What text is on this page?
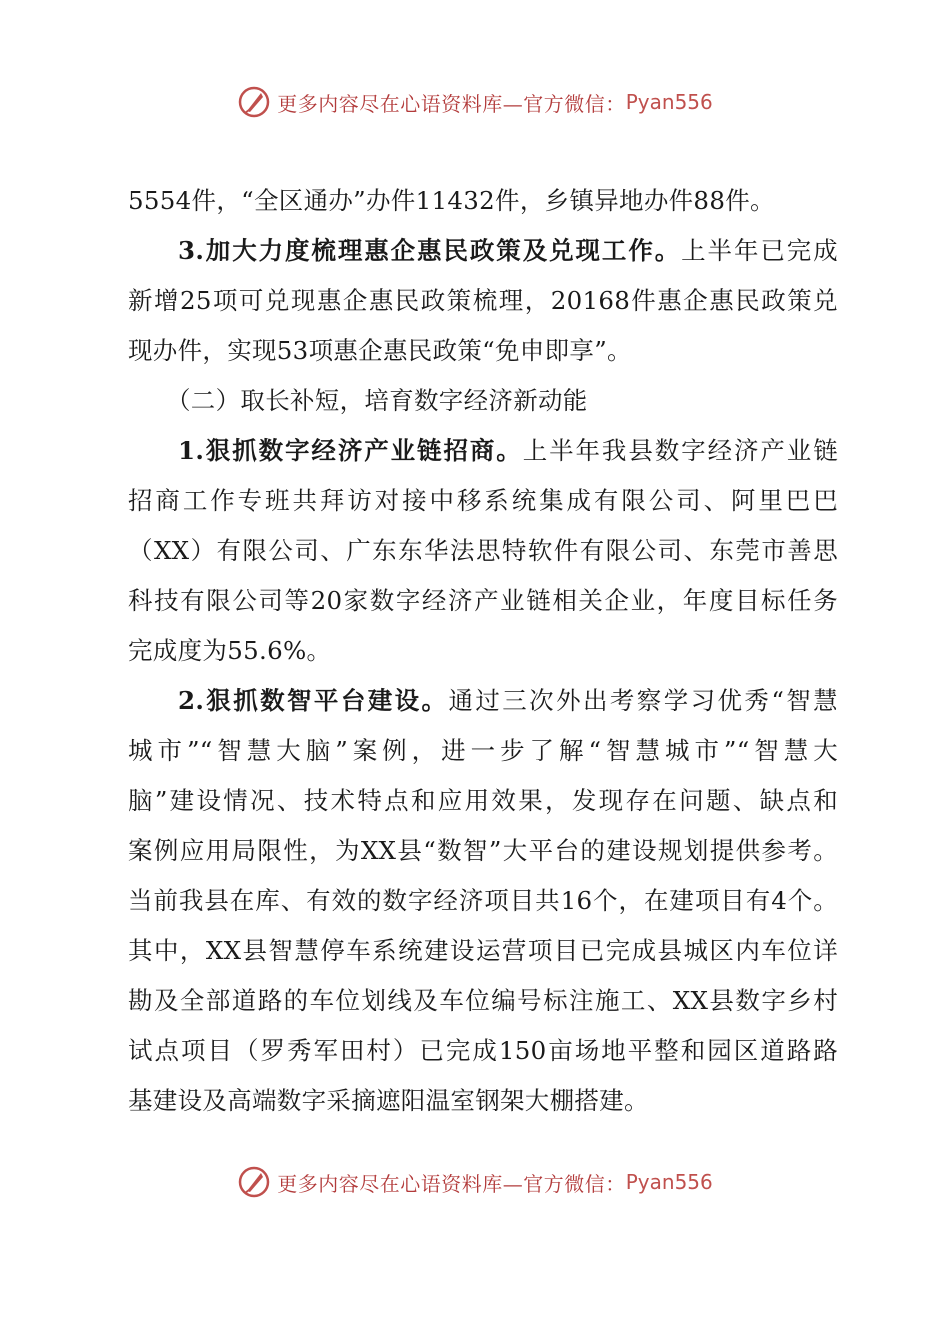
更多内容尽在心语资料库—官方微信： Pyan556
5554件，“全区通办”办件11432件，乡镇异地办件88件。
3.加大力度梳理惠企惠民政策及兑现工作。上半年已完成
新增25项可兑现惠企惠民政策梳理，20168件惠企惠民政策兑
现办件，实现53项惠企惠民政策“免申即享”。
（二）取长补短，培育数字经济新动能
1.狠抓数字经济产业链招商。上半年我县数字经济产业链
招商工作专班共拜访对接中移系统集成有限公司、阿里巴巴
（XX）有限公司、广东东华法思特软件有限公司、东莞市善思
科技有限公司等20家数字经济产业链相关企业，年度目标任务
完成度为55.6%。
2.狠抓数智平台建设。通过三次外出考察学习优秀“智慧
城市”“智慧大脑”案例，进一步了解“智慧城市”“智慧大
脑”建设情况、技术特点和应用效果，发现存在问题、缺点和
案例应用局限性，为XX县“数智”大平台的建设规划提供参考。
当前我县在库、有效的数字经济项目共16个，在建项目有4个。
其中，XX县智慧停车系统建设运营项目已完成县城区内车位详
勘及全部道路的车位划线及车位编号标注施工、XX县数字乡村
试点项目（罗秀军田村）已完成150亩场地平整和园区道路路
基建设及高端数字采摘遮阳温室钢架大棚搭建。
更多内容尽在心语资料库—官方微信： Pyan556
